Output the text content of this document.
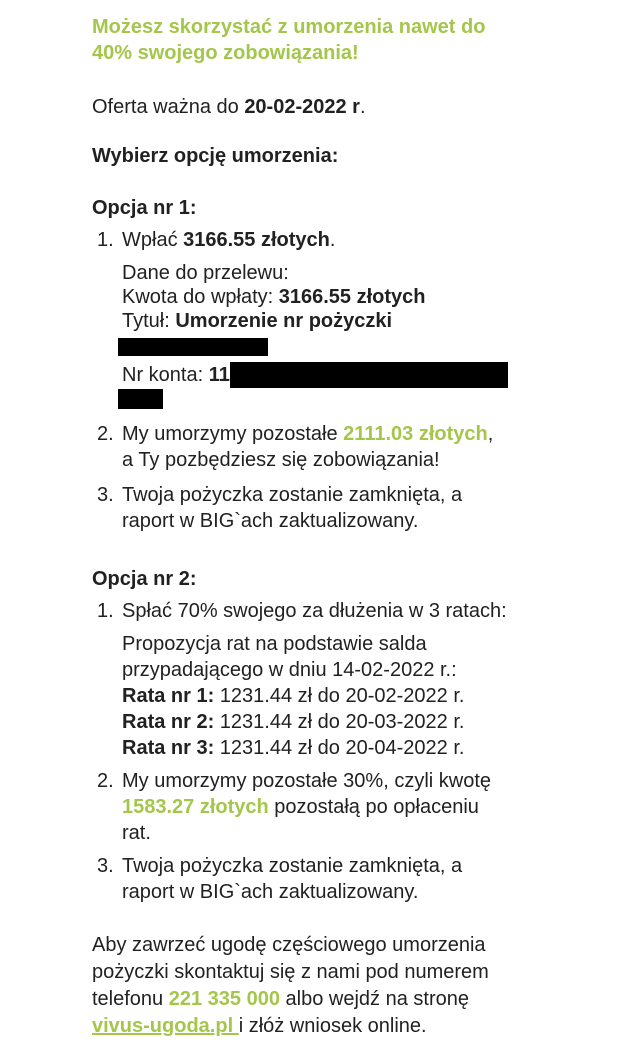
Możesz skorzystać z umorzenia nawet do
40% swojego zobowiązania!

Oferta ważna do 20-02-2022 r.

Wybierz opcję umorzenia:

Opcja nr 1:
1. Wpłać 3166.55 złotych.
Dane do przelewu:
Kwota do wpłaty: 3166.55 złotych
Tytuł: Umorzenie nr pożyczki
Nr konta: 11
2. My umorzymy pozostałe 2111.03 złotych,
a Ty pozbędziesz się zobowiązania!
3. Twoja pożyczka zostanie zamknięta, a
raport w BIG`ach zaktualizowany.
Opcja nr 2:
1. Spłać 70% swojego za dłużenia w 3 ratach:
Propozycja rat na podstawie salda
przypadającego w dniu 14-02-2022 r.:
Rata nr 1: 1231.44 zł do 20-02-2022 r.
Rata nr 2: 1231.44 zł do 20-03-2022 r.
Rata nr 3: 1231.44 zł do 20-04-2022 r.
2. My umorzymy pozostałe 30%, czyli kwotę
1583.27 złotych pozostałą po opłaceniu
rat.
3. Twoja pożyczka zostanie zamknięta, a
raport w BIG`ach zaktualizowany.

Aby zawrzeć ugodę częściowego umorzenia
pożyczki skontaktuj się z nami pod numerem
telefonu 221 335 000 albo wejdź na stronę
vivus-ugoda.pl i złóż wniosek online.
